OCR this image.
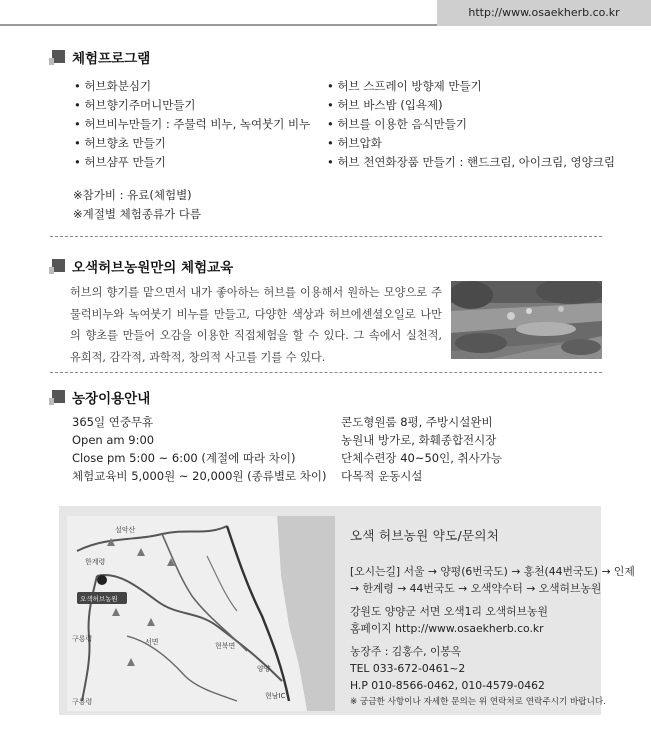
http://www.osaekherb.co.kr
체험프로그램
• 허브화분심기
• 허브향기주머니만들기
• 허브비누만들기 : 주물럭 비누, 녹여붓기 비누
• 허브향초 만들기
• 허브샴푸 만들기
• 허브 스프레이 방향제 만들기
• 허브 바스밤 (입욕제)
• 허브를 이용한 음식만들기
• 허브압화
• 허브 천연화장품 만들기 : 핸드크림, 아이크림, 영양크림
※참가비 : 유료(체험별)
※계절별 체험종류가 다름
오색허브농원만의 체험교육

허브의 향기를 맡으면서 내가 좋아하는 허브를 이용해서 원하는 모양으로 주물럭비누와 녹여붓기 비누를 만들고, 다양한 색상과 허브에센셜오일로 나만의 향초를 만들어 오감을 이용한 직접체험을 할 수 있다. 그 속에서 실천적, 유희적, 감각적, 과학적, 창의적 사고를 기를 수 있다.

농장이용안내
365일 연중무휴
Open am 9:00
Close pm 5:00 ~ 6:00 (계절에 따라 차이)
체험교육비 5,000원 ~ 20,000원 (종류별로 차이)
콘도형원룸 8평, 주방시설완비
농원내 방가로, 화훼종합전시장
단체수련장 40~50인, 취사가능
다목적 운동시설
설악산
한계령
오색허브농원
구룡령	서면	현북면
양양
현남IC
구룡령
오색 허브농원 약도/문의처
[오시는길] 서울 → 양평(6번국도) → 홍천(44번국도) → 인제
→ 한계령 → 44번국도 → 오색약수터 → 오색허브농원
강원도 양양군 서면 오색1리 오색허브농원
홈페이지 http://www.osaekherb.co.kr
농장주 : 김홍수, 이봉옥
TEL 033-672-0461~2
H.P 010-8566-0462, 010-4579-0462
※ 궁금한 사항이나 자세한 문의는 위 연락처로 연락주시기 바랍니다.
